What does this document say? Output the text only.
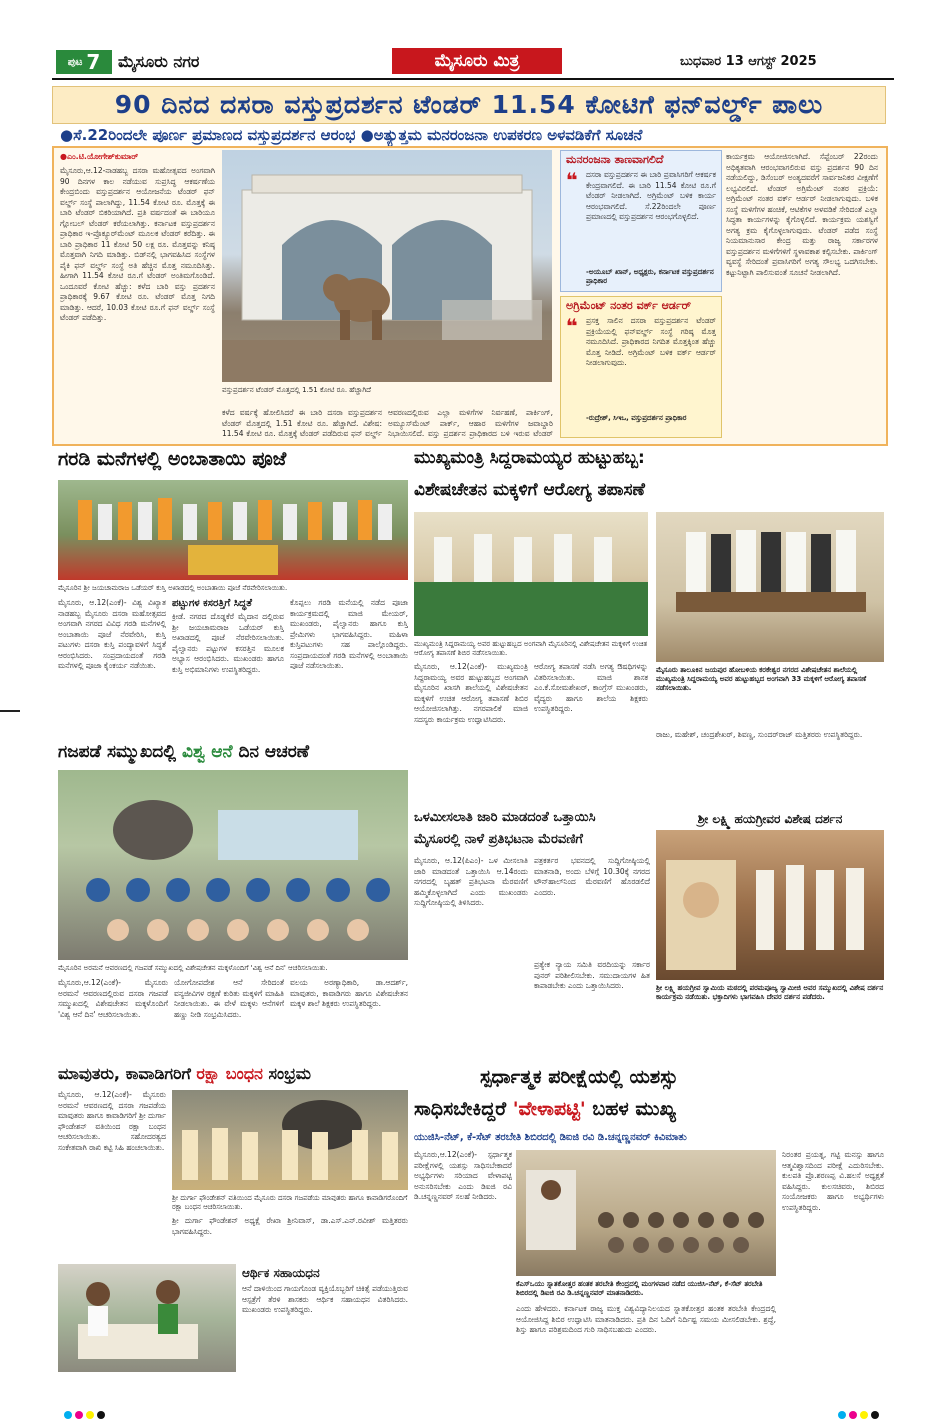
ಪುಟ 7 ಮೈಸೂರು ನಗರ	ಮೈಸೂರು ಮಿತ್ರ	ಬುಧವಾರ 13 ಆಗಸ್ಟ್ 2025
90 ದಿನದ ದಸರಾ ವಸ್ತುಪ್ರದರ್ಶನ ಟೆಂಡರ್ 11.54 ಕೋಟಿಗೆ ಫನ್‌ವರ್ಲ್ಡ್ ಪಾಲು
●ಸೆ.22ರಿಂದಲೇ ಪೂರ್ಣ ಪ್ರಮಾಣದ ವಸ್ತುಪ್ರದರ್ಶನ ಆರಂಭ ●ಅತ್ಯುತ್ತಮ ಮನರಂಜನಾ ಉಪಕರಣ ಅಳವಡಿಕೆಗೆ ಸೂಚನೆ
●ಎಂ.ಟಿ.ಯೋಗೇಶ್‌ಕುಮಾರ್
ಮೈಸೂರು,ಆ.12-ನಾಡಹಬ್ಬ ದಸರಾ ಮಹೋತ್ಸವದ ಅಂಗವಾಗಿ 90 ದಿನಗಳ ಕಾಲ ನಡೆಯುವ ಸುಪ್ರಸಿದ್ಧ ಆಕರ್ಷಣೆಯ ಕೇಂದ್ರಬಿಂದು ವಸ್ತುಪ್ರದರ್ಶನ ಆಯೋಜನೆಯ ಟೆಂಡರ್ ಫನ್ ವರ್ಲ್ಡ್ ಸಂಸ್ಥೆ ಪಾಲಾಗಿದ್ದು, 11.54 ಕೋಟಿ ರೂ. ಮೊತ್ತಕ್ಕೆ ಈ ಬಾರಿ ಟೆಂಡರ್ ಬಿಕರಿಯಾಗಿದೆ. ಪ್ರತಿ ವರ್ಷದಂತೆ ಈ ಬಾರಿಯೂ ಗ್ಲೋಬಲ್ ಟೆಂಡರ್ ಕರೆಯಲಾಗಿತ್ತು. ಕರ್ನಾಟಕ ವಸ್ತುಪ್ರದರ್ಶನ ಪ್ರಾಧಿಕಾರ ಇ-ಪ್ರೊಕ್ಯೂರ್‌ಮೆಂಟ್ ಮೂಲಕ ಟೆಂಡರ್ ಕರೆದಿತ್ತು. ಈ ಬಾರಿ ಪ್ರಾಧಿಕಾರ 11 ಕೋಟಿ 50 ಲಕ್ಷ ರೂ. ಮೊತ್ತವನ್ನು ಕನಿಷ್ಠ ಮೊತ್ತವಾಗಿ ನಿಗದಿ ಮಾಡಿತ್ತು. ಬಿಡ್‌ನಲ್ಲಿ ಭಾಗವಹಿಸಿದ ಸಂಸ್ಥೆಗಳ ಪೈಕಿ ಫನ್ ವರ್ಲ್ಡ್ ಸಂಸ್ಥೆ ಅತಿ ಹೆಚ್ಚಿನ ಮೊತ್ತ ನಮೂದಿಸಿತ್ತು. ಹೀಗಾಗಿ 11.54 ಕೋಟಿ ರೂ.ಗೆ ಟೆಂಡರ್ ಅಂತಿಮಗೊಂಡಿದೆ. ಒಂದೂವರೆ ಕೋಟಿ ಹೆಚ್ಚು: ಕಳೆದ ಬಾರಿ ವಸ್ತು ಪ್ರದರ್ಶನ ಪ್ರಾಧಿಕಾರಕ್ಕೆ 9.67 ಕೋಟಿ ರೂ. ಟೆಂಡರ್ ಮೊತ್ತ ನಿಗದಿ ಮಾಡಿತ್ತು. ಆದರೆ, 10.03 ಕೋಟಿ ರೂ.ಗೆ ಫನ್ ವರ್ಲ್ಡ್ ಸಂಸ್ಥೆ ಟೆಂಡರ್ ಪಡೆದಿತ್ತು.
ವಸ್ತುಪ್ರದರ್ಶನ ಟೆಂಡರ್ ಮೊತ್ತದಲ್ಲಿ 1.51 ಕೋಟಿ ರೂ. ಹೆಚ್ಚಾಗಿದೆ
ಕಳೆದ ವರ್ಷಕ್ಕೆ ಹೋಲಿಸಿದರೆ ಈ ಬಾರಿ ದಸರಾ ವಸ್ತುಪ್ರದರ್ಶನ ಟೆಂಡರ್ ಮೊತ್ತದಲ್ಲಿ 1.51 ಕೋಟಿ ರೂ. ಹೆಚ್ಚಾಗಿದೆ. ವಿಶೇಷ: 11.54 ಕೋಟಿ ರೂ. ಮೊತ್ತಕ್ಕೆ ಟೆಂಡರ್ ಪಡೆದಿರುವ ಫನ್ ವರ್ಲ್ಡ್
ಆವರಣದಲ್ಲಿರುವ ಎಲ್ಲಾ ಮಳಿಗೆಗಳ ನಿರ್ವಹಣೆ, ಪಾರ್ಕಿಂಗ್, ಅಮ್ಯೂಸ್‌ಮೆಂಟ್ ಪಾರ್ಕ್, ಆಹಾರ ಮಳಿಗೆಗಳ ಜವಾಬ್ದಾರಿ ನಿಭಾಯಿಸಲಿದೆ. ವಸ್ತು ಪ್ರದರ್ಶನ ಪ್ರಾಧಿಕಾರದ ಬಳಿ ಇರುವ ಟೆಂಡರ್
ಮನರಂಜನಾ ತಾಣವಾಗಲಿದೆ
❝ ದಸರಾ ವಸ್ತುಪ್ರದರ್ಶನ ಈ ಬಾರಿ ಪ್ರವಾಸಿಗರಿಗೆ ಆಕರ್ಷಕ ಕೇಂದ್ರವಾಗಲಿದೆ. ಈ ಬಾರಿ 11.54 ಕೋಟಿ ರೂ.ಗೆ ಟೆಂಡರ್ ನೀಡಲಾಗಿದೆ. ಅಗ್ರಿಮೆಂಟ್ ಬಳಿಕ ಕಾರ್ಯ ಆರಂಭವಾಗಲಿದೆ. ಸೆ.22ರಿಂದಲೇ ಪೂರ್ಣ ಪ್ರಮಾಣದಲ್ಲಿ ವಸ್ತುಪ್ರದರ್ಶನ ಆರಂಭಗೊಳ್ಳಲಿದೆ.
-ಅಯೂಬ್ ಖಾನ್, ಅಧ್ಯಕ್ಷರು, ಕರ್ನಾಟಕ ವಸ್ತುಪ್ರದರ್ಶನ ಪ್ರಾಧಿಕಾರ
ಅಗ್ರಿಮೆಂಟ್ ನಂತರ ವರ್ಕ್ ಆರ್ಡರ್
❝ ಪ್ರಸಕ್ತ ಸಾಲಿನ ದಸರಾ ವಸ್ತುಪ್ರದರ್ಶನ ಟೆಂಡರ್ ಪ್ರಕ್ರಿಯೆಯಲ್ಲಿ ಫನ್‌ವರ್ಲ್ಡ್ ಸಂಸ್ಥೆ ಗರಿಷ್ಠ ಮೊತ್ತ ನಮೂದಿಸಿದೆ. ಪ್ರಾಧಿಕಾರದ ನಿಗದಿತ ಮೊತ್ತಕ್ಕಿಂತ ಹೆಚ್ಚು ಮೊತ್ತ ನೀಡಿದೆ. ಅಗ್ರಿಮೆಂಟ್ ಬಳಿಕ ವರ್ಕ್ ಆರ್ಡರ್ ನೀಡಲಾಗುವುದು.
-ರುದ್ರೇಶ್, ಸಿಇಒ, ವಸ್ತುಪ್ರದರ್ಶನ ಪ್ರಾಧಿಕಾರ
ಕಾರ್ಯಕ್ರಮ ಆಯೋಜಿಸಲಾಗಿದೆ. ಸೆಪ್ಟೆಂಬರ್ 22ರಂದು ಅಧಿಕೃತವಾಗಿ ಆರಂಭವಾಗಲಿರುವ ವಸ್ತು ಪ್ರದರ್ಶನ 90 ದಿನ ನಡೆಯಲಿದ್ದು, ಡಿಸೆಂಬರ್ ಅಂತ್ಯದವರೆಗೆ ಸಾರ್ವಜನಿಕರ ವೀಕ್ಷಣೆಗೆ ಲಭ್ಯವಿರಲಿದೆ. ಟೆಂಡರ್ ಅಗ್ರಿಮೆಂಟ್ ನಂತರ ಪ್ರಕ್ರಿಯೆ: ಅಗ್ರಿಮೆಂಟ್ ನಂತರ ವರ್ಕ್ ಆರ್ಡರ್ ನೀಡಲಾಗುವುದು. ಬಳಿಕ ಸಂಸ್ಥೆ ಮಳಿಗೆಗಳ ಹಂಚಿಕೆ, ಆಟಿಕೆಗಳ ಅಳವಡಿಕೆ ಸೇರಿದಂತೆ ಎಲ್ಲಾ ಸಿದ್ಧತಾ ಕಾರ್ಯಗಳನ್ನು ಕೈಗೊಳ್ಳಲಿದೆ. ಕಾರ್ಯಕ್ರಮ ಯಶಸ್ವಿಗೆ ಅಗತ್ಯ ಕ್ರಮ ಕೈಗೊಳ್ಳಲಾಗುವುದು. ಟೆಂಡರ್ ಪಡೆದ ಸಂಸ್ಥೆ ನಿಯಮಾನುಸಾರ ಕೇಂದ್ರ ಮತ್ತು ರಾಜ್ಯ ಸರ್ಕಾರಗಳ ವಸ್ತುಪ್ರದರ್ಶನ ಮಳಿಗೆಗಳಿಗೆ ಸ್ಥಳಾವಕಾಶ ಕಲ್ಪಿಸಬೇಕು. ಪಾರ್ಕಿಂಗ್ ವ್ಯವಸ್ಥೆ ಸೇರಿದಂತೆ ಪ್ರವಾಸಿಗರಿಗೆ ಅಗತ್ಯ ಸೌಲಭ್ಯ ಒದಗಿಸಬೇಕು. ಕಟ್ಟುನಿಟ್ಟಾಗಿ ಪಾಲಿಸುವಂತೆ ಸೂಚನೆ ನೀಡಲಾಗಿದೆ.
ಗರಡಿ ಮನೆಗಳಲ್ಲಿ ಅಂಬಾತಾಯಿ ಪೂಜೆ
ಮೈಸೂರಿನ ಶ್ರೀ ಜಯಚಾಮರಾಜ ಒಡೆಯರ್ ಕುಸ್ತಿ ಅಖಾಡದಲ್ಲಿ ಅಂಬಾತಾಯಿ ಪೂಜೆ ನೆರವೇರಿಸಲಾಯಿತು.
ಮೈಸೂರು, ಆ.12(ಎಂಕೆ)- ವಿಶ್ವ ವಿಖ್ಯಾತ ನಾಡಹಬ್ಬ ಮೈಸೂರು ದಸರಾ ಮಹೋತ್ಸವದ ಅಂಗವಾಗಿ ನಗರದ ವಿವಿಧ ಗರಡಿ ಮನೆಗಳಲ್ಲಿ ಅಂಬಾತಾಯಿ ಪೂಜೆ ನೆರವೇರಿಸಿ, ಕುಸ್ತಿ ಪಟುಗಳು ದಸರಾ ಕುಸ್ತಿ ಪಂದ್ಯಾವಳಿಗೆ ಸಿದ್ಧತೆ ಆರಂಭಿಸಿದರು. ಸಂಪ್ರದಾಯದಂತೆ ಗರಡಿ ಮನೆಗಳಲ್ಲಿ ಪೂಜಾ ಕೈಂಕರ್ಯ ನಡೆಯಿತು.
ಪಟ್ಟುಗಳ ಕಸರತ್ತಿಗೆ ಸಿದ್ಧತೆ
ಕ್ರೀಡೆ. ನಗರದ ದೊಡ್ಡಕೆರೆ ಮೈದಾನ ದಲ್ಲಿರುವ ಶ್ರೀ ಜಯಚಾಮರಾಜ ಒಡೆಯರ್ ಕುಸ್ತಿ ಅಖಾಡದಲ್ಲಿ ಪೂಜೆ ನೆರವೇರಿಸಲಾಯಿತು. ಪೈಲ್ವಾನರು ಪಟ್ಟುಗಳ ಕಸರತ್ತಿನ ಮೂಲಕ ಅಭ್ಯಾಸ ಆರಂಭಿಸಿದರು. ಮುಖಂಡರು ಹಾಗೂ ಕುಸ್ತಿ ಅಭಿಮಾನಿಗಳು ಉಪಸ್ಥಿತರಿದ್ದರು.
ಕೊಪ್ಪಲು ಗರಡಿ ಮನೆಯಲ್ಲಿ ನಡೆದ ಪೂಜಾ ಕಾರ್ಯಕ್ರಮದಲ್ಲಿ ಮಾಜಿ ಮೇಯರ್, ಮುಖಂಡರು, ಪೈಲ್ವಾನರು ಹಾಗೂ ಕುಸ್ತಿ ಪ್ರೇಮಿಗಳು ಭಾಗವಹಿಸಿದ್ದರು. ಮಹಿಳಾ ಕುಸ್ತಿಪಟುಗಳು ಸಹ ಪಾಲ್ಗೊಂಡಿದ್ದರು. ಸಂಪ್ರದಾಯದಂತೆ ಗರಡಿ ಮನೆಗಳಲ್ಲಿ ಅಂಬಾತಾಯಿ ಪೂಜೆ ನಡೆಸಲಾಯಿತು.
ಗಜಪಡೆ ಸಮ್ಮುಖದಲ್ಲಿ ವಿಶ್ವ ಆನೆ ದಿನ ಆಚರಣೆ
ಮೈಸೂರಿನ ಅರಮನೆ ಆವರಣದಲ್ಲಿ ಗಜಪಡೆ ಸಮ್ಮುಖದಲ್ಲಿ ವಿಶೇಷಚೇತನ ಮಕ್ಕಳೊಂದಿಗೆ 'ವಿಶ್ವ ಆನೆ ದಿನ' ಆಚರಿಸಲಾಯಿತು.
ಮೈಸೂರು,ಆ.12(ಎಂಕೆ)- ಮೈಸೂರು ಅರಮನೆ ಆವರಣದಲ್ಲಿರುವ ದಸರಾ ಗಜಪಡೆ ಸಮ್ಮುಖದಲ್ಲಿ ವಿಶೇಷಚೇತನ ಮಕ್ಕಳೊಂದಿಗೆ 'ವಿಶ್ವ ಆನೆ ದಿನ' ಆಚರಿಸಲಾಯಿತು.
ಯೋಗೋಪದೇಶ ಆನೆ ಸೇರಿದಂತೆ ವನ್ಯಜೀವಿಗಳ ರಕ್ಷಣೆ ಕುರಿತು ಮಕ್ಕಳಿಗೆ ಮಾಹಿತಿ ನೀಡಲಾಯಿತು. ಈ ವೇಳೆ ಮಕ್ಕಳು ಆನೆಗಳಿಗೆ ಹಣ್ಣು ನೀಡಿ ಸಂಭ್ರಮಿಸಿದರು.
ವಲಯ ಅರಣ್ಯಾಧಿಕಾರಿ, ಡಾ.ಆದರ್ಶ್, ಮಾವುತರು, ಕಾವಾಡಿಗರು ಹಾಗೂ ವಿಶೇಷಚೇತನ ಮಕ್ಕಳ ಶಾಲೆ ಶಿಕ್ಷಕರು ಉಪಸ್ಥಿತರಿದ್ದರು.
ಮಾವುತರು, ಕಾವಾಡಿಗರಿಗೆ ರಕ್ಷಾ ಬಂಧನ ಸಂಭ್ರಮ
ಮೈಸೂರು, ಆ.12(ಎಂಕೆ)- ಮೈಸೂರು ಅರಮನೆ ಆವರಣದಲ್ಲಿ ದಸರಾ ಗಜಪಡೆಯ ಮಾವುತರು ಹಾಗೂ ಕಾವಾಡಿಗರಿಗೆ ಶ್ರೀ ದುರ್ಗಾ ಫೌಂಡೇಶನ್ ವತಿಯಿಂದ ರಕ್ಷಾ ಬಂಧನ ಆಚರಿಸಲಾಯಿತು. ಸಹೋದರತ್ವದ ಸಂಕೇತವಾಗಿ ರಾಖಿ ಕಟ್ಟಿ ಸಿಹಿ ಹಂಚಲಾಯಿತು.
ಶ್ರೀ ದುರ್ಗಾ ಫೌಂಡೇಶನ್ ವತಿಯಿಂದ ಮೈಸೂರು ದಸರಾ ಗಜಪಡೆಯ ಮಾವುತರು ಹಾಗೂ ಕಾವಾಡಿಗರೊಂದಿಗೆ ರಕ್ಷಾ ಬಂಧನ ಆಚರಿಸಲಾಯಿತು.
ಶ್ರೀ ದುರ್ಗಾ ಫೌಂಡೇಶನ್ ಅಧ್ಯಕ್ಷೆ ರೇಖಾ ಶ್ರೀನಿವಾಸ್, ಡಾ.ಎಸ್.ಎನ್.ರವೀಶ್ ಮತ್ತಿತರರು ಭಾಗವಹಿಸಿದ್ದರು.
ಆರ್ಥಿಕ ಸಹಾಯಧನ
ಆನೆ ದಾಳಿಯಿಂದ ಗಾಯಗೊಂಡ ವ್ಯಕ್ತಿಯೊಬ್ಬರಿಗೆ ಚಿಕಿತ್ಸೆ ಪಡೆಯುತ್ತಿರುವ ಆಸ್ಪತ್ರೆಗೆ ತೆರಳಿ ಶಾಸಕರು ಆರ್ಥಿಕ ಸಹಾಯಧನ ವಿತರಿಸಿದರು. ಮುಖಂಡರು ಉಪಸ್ಥಿತರಿದ್ದರು.
ಮುಖ್ಯಮಂತ್ರಿ ಸಿದ್ದರಾಮಯ್ಯರ ಹುಟ್ಟುಹಬ್ಬ:
ವಿಶೇಷಚೇತನ ಮಕ್ಕಳಿಗೆ ಆರೋಗ್ಯ ತಪಾಸಣೆ
ಮುಖ್ಯಮಂತ್ರಿ ಸಿದ್ದರಾಮಯ್ಯ ಅವರ ಹುಟ್ಟುಹಬ್ಬದ ಅಂಗವಾಗಿ ಮೈಸೂರಿನಲ್ಲಿ ವಿಶೇಷಚೇತನ ಮಕ್ಕಳಿಗೆ ಉಚಿತ ಆರೋಗ್ಯ ತಪಾಸಣೆ ಶಿಬಿರ ನಡೆಸಲಾಯಿತು.
ಮೈಸೂರು ತಾಲೂಕಿನ ಜಯಪುರ ಹೋಬಳಿಯ ಕರಕೇಶ್ವರ ನಗರದ ವಿಶೇಷಚೇತನ ಶಾಲೆಯಲ್ಲಿ ಮುಖ್ಯಮಂತ್ರಿ ಸಿದ್ದರಾಮಯ್ಯ ಅವರ ಹುಟ್ಟುಹಬ್ಬದ ಅಂಗವಾಗಿ 33 ಮಕ್ಕಳಿಗೆ ಆರೋಗ್ಯ ತಪಾಸಣೆ ನಡೆಸಲಾಯಿತು.
ಮೈಸೂರು, ಆ.12(ಎಂಕೆ)- ಮುಖ್ಯಮಂತ್ರಿ ಸಿದ್ದರಾಮಯ್ಯ ಅವರ ಹುಟ್ಟುಹಬ್ಬದ ಅಂಗವಾಗಿ ಮೈಸೂರಿನ ಖಾಸಗಿ ಶಾಲೆಯಲ್ಲಿ ವಿಶೇಷಚೇತನ ಮಕ್ಕಳಿಗೆ ಉಚಿತ ಆರೋಗ್ಯ ತಪಾಸಣೆ ಶಿಬಿರ ಆಯೋಜಿಸಲಾಗಿತ್ತು. ನಗರಪಾಲಿಕೆ ಮಾಜಿ ಸದಸ್ಯರು ಕಾರ್ಯಕ್ರಮ ಉದ್ಘಾಟಿಸಿದರು.
ಆರೋಗ್ಯ ತಪಾಸಣೆ ನಡೆಸಿ ಅಗತ್ಯ ಔಷಧಿಗಳನ್ನು ವಿತರಿಸಲಾಯಿತು. ಮಾಜಿ ಶಾಸಕ ಎಂ.ಕೆ.ಸೋಮಶೇಖರ್, ಕಾಂಗ್ರೆಸ್ ಮುಖಂಡರು, ವೈದ್ಯರು ಹಾಗೂ ಶಾಲೆಯ ಶಿಕ್ಷಕರು ಉಪಸ್ಥಿತರಿದ್ದರು.
ರಾಜು, ಮಹೇಶ್, ಚಂದ್ರಶೇಖರ್, ಶಿವಣ್ಣ, ಸುಂದರ್‌ರಾಜ್ ಮತ್ತಿತರರು ಉಪಸ್ಥಿತರಿದ್ದರು.
ಒಳಮೀಸಲಾತಿ ಜಾರಿ ಮಾಡದಂತೆ ಒತ್ತಾಯಿಸಿ
ಮೈಸೂರಲ್ಲಿ ನಾಳೆ ಪ್ರತಿಭಟನಾ ಮೆರವಣಿಗೆ
ಮೈಸೂರು, ಆ.12(ಪಿಎಂ)- ಒಳ ಮೀಸಲಾತಿ ಜಾರಿ ಮಾಡದಂತೆ ಒತ್ತಾಯಿಸಿ ಆ.14ರಂದು ನಗರದಲ್ಲಿ ಬೃಹತ್ ಪ್ರತಿಭಟನಾ ಮೆರವಣಿಗೆ ಹಮ್ಮಿಕೊಳ್ಳಲಾಗಿದೆ ಎಂದು ಮುಖಂಡರು ಸುದ್ದಿಗೋಷ್ಠಿಯಲ್ಲಿ ತಿಳಿಸಿದರು.
ಪತ್ರಕರ್ತರ ಭವನದಲ್ಲಿ ಸುದ್ದಿಗೋಷ್ಠಿಯಲ್ಲಿ ಮಾತನಾಡಿ, ಅಂದು ಬೆಳಿಗ್ಗೆ 10.30ಕ್ಕೆ ನಗರದ ಟೌನ್‌ಹಾಲ್‌ನಿಂದ ಮೆರವಣಿಗೆ ಹೊರಡಲಿದೆ ಎಂದರು.
ಪ್ರತ್ಯೇಕ ನ್ಯಾಯ ಸಮಿತಿ ವರದಿಯನ್ನು ಸರ್ಕಾರ ಪುನರ್ ಪರಿಶೀಲಿಸಬೇಕು. ಸಮುದಾಯಗಳ ಹಿತ ಕಾಪಾಡಬೇಕು ಎಂದು ಒತ್ತಾಯಿಸಿದರು.
ಶ್ರೀ ಲಕ್ಷ್ಮಿ ಹಯಗ್ರೀವರ ವಿಶೇಷ ದರ್ಶನ
ಶ್ರೀ ಲಕ್ಷ್ಮಿ ಹಯಗ್ರೀವ ಸ್ವಾಮಿಯ ಮಠದಲ್ಲಿ ಪರಮಪೂಜ್ಯ ಸ್ವಾಮೀಜಿ ಅವರ ಸಮ್ಮುಖದಲ್ಲಿ ವಿಶೇಷ ದರ್ಶನ ಕಾರ್ಯಕ್ರಮ ನಡೆಯಿತು. ಭಕ್ತಾದಿಗಳು ಭಾಗವಹಿಸಿ ದೇವರ ದರ್ಶನ ಪಡೆದರು.
ಸ್ಪರ್ಧಾತ್ಮಕ ಪರೀಕ್ಷೆಯಲ್ಲಿ ಯಶಸ್ಸು
ಸಾಧಿಸಬೇಕಿದ್ದರೆ 'ವೇಳಾಪಟ್ಟಿ' ಬಹಳ ಮುಖ್ಯ
ಯುಜಿಸಿ-ನೆಟ್, ಕೆ-ಸೆಟ್ ತರಬೇತಿ ಶಿಬಿರದಲ್ಲಿ ಡಿಐಜಿ ರವಿ ಡಿ.ಚನ್ನಣ್ಣನವರ್ ಕಿವಿಮಾತು
ಮೈಸೂರು,ಆ.12(ಎಂಕೆ)- ಸ್ಪರ್ಧಾತ್ಮಕ ಪರೀಕ್ಷೆಗಳಲ್ಲಿ ಯಶಸ್ಸು ಸಾಧಿಸಬೇಕಾದರೆ ಅಭ್ಯರ್ಥಿಗಳು ಸರಿಯಾದ ವೇಳಾಪಟ್ಟಿ ಅನುಸರಿಸಬೇಕು ಎಂದು ಡಿಐಜಿ ರವಿ ಡಿ.ಚನ್ನಣ್ಣನವರ್ ಸಲಹೆ ನೀಡಿದರು.
ಕೆಎಸ್‌ಒಯು ಸ್ನಾತಕೋತ್ತರ ಹಂತಕ ತರಬೇತಿ ಕೇಂದ್ರದಲ್ಲಿ ಮಂಗಳವಾರ ನಡೆದ ಯುಜಿಸಿ-ನೆಟ್, ಕೆ-ಸೆಟ್ ತರಬೇತಿ ಶಿಬಿರದಲ್ಲಿ ಡಿಐಜಿ ರವಿ ಡಿ.ಚನ್ನಣ್ಣನವರ್ ಮಾತನಾಡಿದರು.
ಎಂದು ಹೇಳಿದರು. ಕರ್ನಾಟಕ ರಾಜ್ಯ ಮುಕ್ತ ವಿಶ್ವವಿದ್ಯಾನಿಲಯದ ಸ್ನಾತಕೋತ್ತರ ಹಂತಕ ತರಬೇತಿ ಕೇಂದ್ರದಲ್ಲಿ ಆಯೋಜಿಸಿದ್ದ ಶಿಬಿರ ಉದ್ಘಾಟಿಸಿ ಮಾತನಾಡಿದರು. ಪ್ರತಿ ದಿನ ಓದಿಗೆ ನಿರ್ದಿಷ್ಟ ಸಮಯ ಮೀಸಲಿಡಬೇಕು. ಶ್ರದ್ಧೆ, ಶಿಸ್ತು ಹಾಗೂ ಪರಿಶ್ರಮದಿಂದ ಗುರಿ ಸಾಧಿಸಬಹುದು ಎಂದರು.
ನಿರಂತರ ಪ್ರಯತ್ನ, ಗಟ್ಟಿ ಮನಸ್ಸು ಹಾಗೂ ಆತ್ಮವಿಶ್ವಾಸದಿಂದ ಪರೀಕ್ಷೆ ಎದುರಿಸಬೇಕು. ಕುಲಪತಿ ಪ್ರೊ.ಶರಣಪ್ಪ ವಿ.ಹಲಸೆ ಅಧ್ಯಕ್ಷತೆ ವಹಿಸಿದ್ದರು. ಕುಲಸಚಿವರು, ಶಿಬಿರದ ಸಂಯೋಜಕರು ಹಾಗೂ ಅಭ್ಯರ್ಥಿಗಳು ಉಪಸ್ಥಿತರಿದ್ದರು.
